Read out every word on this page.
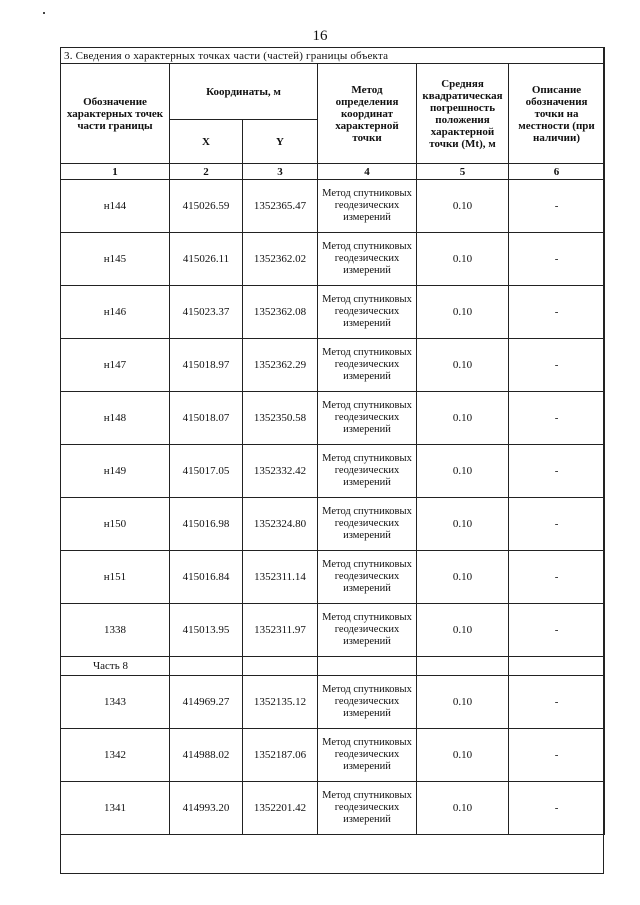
16
3. Сведения о характерных точках части (частей) границы объекта					
Обозначение характерных точек части границы	Координаты, м		Метод определения координат характерной точки	Средняя квадратическая погрешность положения характерной точки (Mt), м	Описание обозначения точки на местности (при наличии)
	X	Y			
1	2	3	4	5	6
н144	415026.59	1352365.47	Метод спутниковых геодезических измерений	0.10	-
н145	415026.11	1352362.02	Метод спутниковых геодезических измерений	0.10	-
н146	415023.37	1352362.08	Метод спутниковых геодезических измерений	0.10	-
н147	415018.97	1352362.29	Метод спутниковых геодезических измерений	0.10	-
н148	415018.07	1352350.58	Метод спутниковых геодезических измерений	0.10	-
н149	415017.05	1352332.42	Метод спутниковых геодезических измерений	0.10	-
н150	415016.98	1352324.80	Метод спутниковых геодезических измерений	0.10	-
н151	415016.84	1352311.14	Метод спутниковых геодезических измерений	0.10	-
1338	415013.95	1352311.97	Метод спутниковых геодезических измерений	0.10	-
Часть 8					
1343	414969.27	1352135.12	Метод спутниковых геодезических измерений	0.10	-
1342	414988.02	1352187.06	Метод спутниковых геодезических измерений	0.10	-
1341	414993.20	1352201.42	Метод спутниковых геодезических измерений	0.10	-
